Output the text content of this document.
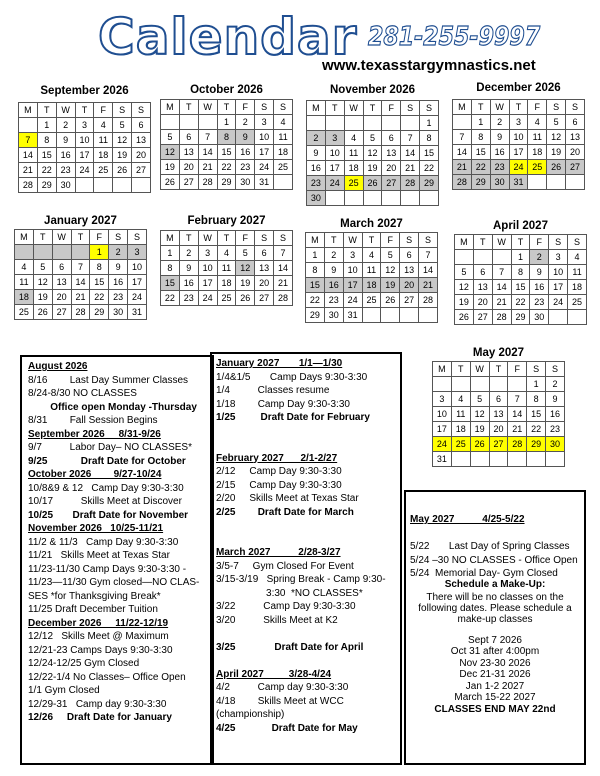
Calendar 281-255-9997
www.texasstargymnastics.net
September 2026
M	T	W	T	F	S	S
	1	2	3	4	5	6
7	8	9	10	11	12	13
14	15	16	17	18	19	20
21	22	23	24	25	26	27
28	29	30				
October 2026
M	T	W	T	F	S	S
			1	2	3	4
5	6	7	8	9	10	11
12	13	14	15	16	17	18
19	20	21	22	23	24	25
26	27	28	29	30	31	
November 2026
M	T	W	T	F	S	S
						1
2	3	4	5	6	7	8
9	10	11	12	13	14	15
16	17	18	19	20	21	22
23	24	25	26	27	28	29
30						
December 2026
M	T	W	T	F	S	S
	1	2	3	4	5	6
7	8	9	10	11	12	13
14	15	16	17	18	19	20
21	22	23	24	25	26	27
28	29	30	31			
January 2027
M	T	W	T	F	S	S
				1	2	3
4	5	6	7	8	9	10
11	12	13	14	15	16	17
18	19	20	21	22	23	24
25	26	27	28	29	30	31
February 2027
M	T	W	T	F	S	S
1	2	3	4	5	6	7
8	9	10	11	12	13	14
15	16	17	18	19	20	21
22	23	24	25	26	27	28
March 2027
M	T	W	T	F	S	S
1	2	3	4	5	6	7
8	9	10	11	12	13	14
15	16	17	18	19	20	21
22	23	24	25	26	27	28
29	30	31				
April 2027
M	T	W	T	F	S	S
			1	2	3	4
5	6	7	8	9	10	11
12	13	14	15	16	17	18
19	20	21	22	23	24	25
26	27	28	29	30		
May 2027
M	T	W	T	F	S	S
					1	2
3	4	5	6	7	8	9
10	11	12	13	14	15	16
17	18	19	20	21	22	23
24	25	26	27	28	29	30
31						
August 2026
8/16        Last Day Summer Classes
8/24-8/30 NO CLASSES
Office open Monday -Thursday
8/31        Fall Session Begins
September 2026     8/31-9/26
9/7          Labor Day– NO CLASSES*
9/25            Draft Date for October
October 2026        9/27-10/24
10/8&9 & 12   Camp Day 9:30-3:30
10/17          Skills Meet at Discover
10/25       Draft Date for November
November 2026   10/25-11/21
11/2 & 11/3   Camp Day 9:30-3:30
11/21   Skills Meet at Texas Star
11/23-11/30 Camp Days 9:30-3:30 -
11/23—11/30 Gym closed—NO CLAS-
SES *for Thanksgiving Break*
11/25 Draft December Tuition
December 2026     11/22-12/19
12/12   Skills Meet @ Maximum
12/21-23 Camps Days 9:30-3:30
12/24-12/25 Gym Closed
12/22-1/4 No Classes– Office Open
1/1 Gym Closed
12/29-31   Camp day 9:30-3:30
12/26     Draft Date for January
January 2027       1/1—1/30
1/4&1/5       Camp Days 9:30-3:30
1/4          Classes resume
1/18        Camp Day 9:30-3:30
1/25         Draft Date for February

February 2027      2/1-2/27
2/12     Camp Day 9:30-3:30
2/15     Camp Day 9:30-3:30
2/20     Skills Meet at Texas Star
2/25        Draft Date for March

March 2027          2/28-3/27
3/5-7     Gym Closed For Event
3/15-3/19   Spring Break - Camp 9:30-
3:30  *NO CLASSES*
3/22          Camp Day 9:30-3:30
3/20          Skills Meet at K2

3/25              Draft Date for April

April 2027         3/28-4/24
4/2          Camp day 9:30-3:30
4/18        Skills Meet at WCC
(championship)
4/25             Draft Date for May
May 2027          4/25-5/22

5/22       Last Day of Spring Classes
5/24 –30 NO CLASSES - Office Open
5/24  Memorial Day- Gym Closed
Schedule a Make-Up:
There will be no classes on the
following dates. Please schedule a
make-up classes
Sept 7 2026
Oct 31 after 4:00pm
Nov 23-30 2026
Dec 21-31 2026
Jan 1-2 2027
March 15-22 2027
CLASSES END MAY 22nd
